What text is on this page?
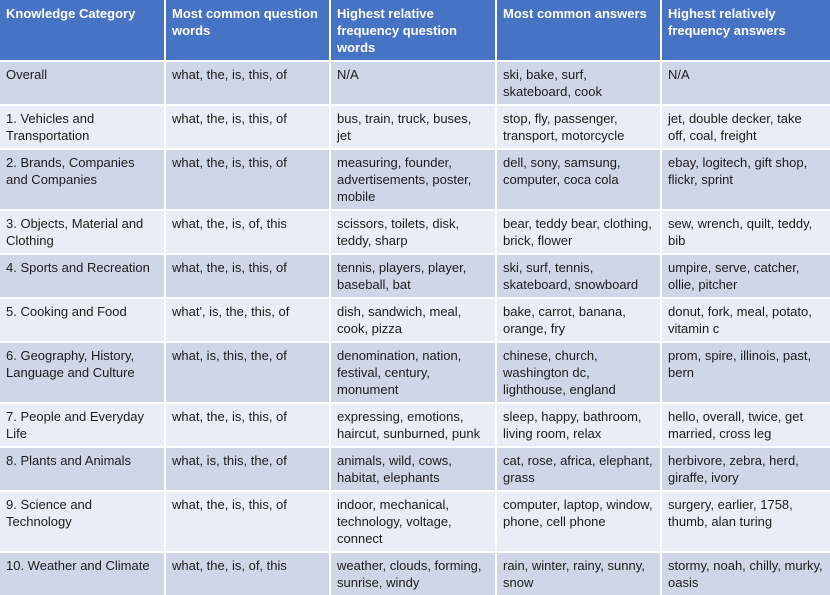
Knowledge Category	Most common question words	Highest relative frequency question words	Most common answers	Highest relatively frequency answers
Overall	what, the, is, this, of	N/A	ski, bake, surf, skateboard, cook	N/A
1. Vehicles and Transportation	what, the, is, this, of	bus, train, truck, buses, jet	stop, fly, passenger, transport, motorcycle	jet, double decker, take off, coal, freight
2. Brands, Companies and Companies	what, the, is, this, of	measuring, founder, advertisements, poster, mobile	dell, sony, samsung, computer, coca cola	ebay, logitech, gift shop, flickr, sprint
3. Objects, Material and Clothing	what, the, is, of, this	scissors, toilets, disk, teddy, sharp	bear, teddy bear, clothing, brick, flower	sew, wrench, quilt, teddy, bib
4. Sports and Recreation	what, the, is, this, of	tennis, players, player, baseball, bat	ski, surf, tennis, skateboard, snowboard	umpire, serve, catcher, ollie, pitcher
5. Cooking and Food	what', is, the, this, of	dish, sandwich, meal, cook, pizza	bake, carrot, banana, orange, fry	donut, fork, meal, potato, vitamin c
6. Geography, History, Language and Culture	what, is, this, the, of	denomination, nation, festival, century, monument	chinese, church, washington dc, lighthouse, england	prom, spire, illinois, past, bern
7. People and Everyday Life	what, the, is, this, of	expressing, emotions, haircut, sunburned, punk	sleep, happy, bathroom, living room, relax	hello, overall, twice, get married, cross leg
8. Plants and Animals	what, is, this, the, of	animals, wild, cows, habitat, elephants	cat, rose, africa, elephant, grass	herbivore, zebra, herd, giraffe, ivory
9. Science and Technology	what, the, is, this, of	indoor, mechanical, technology, voltage, connect	computer, laptop, window, phone, cell phone	surgery, earlier, 1758, thumb, alan turing
10. Weather and Climate	what, the, is, of, this	weather, clouds, forming, sunrise, windy	rain, winter, rainy, sunny, snow	stormy, noah, chilly, murky, oasis
